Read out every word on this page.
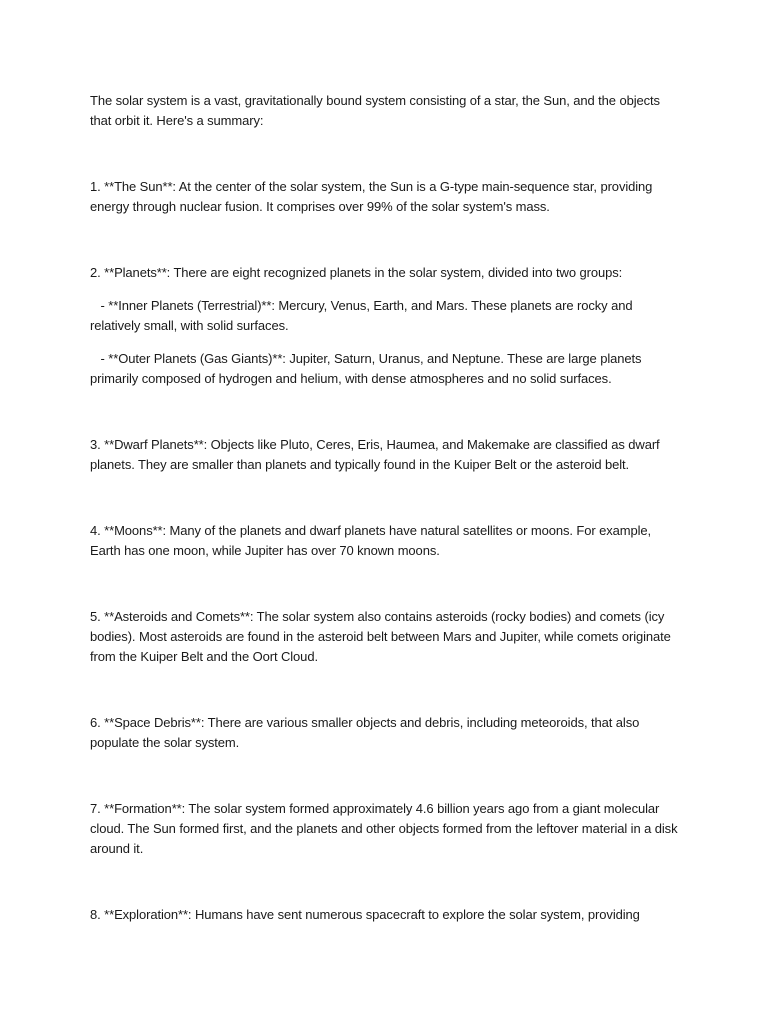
The solar system is a vast, gravitationally bound system consisting of a star, the Sun, and the objects that orbit it. Here's a summary:

1. **The Sun**: At the center of the solar system, the Sun is a G-type main-sequence star, providing energy through nuclear fusion. It comprises over 99% of the solar system's mass.

2. **Planets**: There are eight recognized planets in the solar system, divided into two groups:

- **Inner Planets (Terrestrial)**: Mercury, Venus, Earth, and Mars. These planets are rocky and relatively small, with solid surfaces.

- **Outer Planets (Gas Giants)**: Jupiter, Saturn, Uranus, and Neptune. These are large planets primarily composed of hydrogen and helium, with dense atmospheres and no solid surfaces.

3. **Dwarf Planets**: Objects like Pluto, Ceres, Eris, Haumea, and Makemake are classified as dwarf planets. They are smaller than planets and typically found in the Kuiper Belt or the asteroid belt.

4. **Moons**: Many of the planets and dwarf planets have natural satellites or moons. For example, Earth has one moon, while Jupiter has over 70 known moons.

5. **Asteroids and Comets**: The solar system also contains asteroids (rocky bodies) and comets (icy bodies). Most asteroids are found in the asteroid belt between Mars and Jupiter, while comets originate from the Kuiper Belt and the Oort Cloud.

6. **Space Debris**: There are various smaller objects and debris, including meteoroids, that also populate the solar system.

7. **Formation**: The solar system formed approximately 4.6 billion years ago from a giant molecular cloud. The Sun formed first, and the planets and other objects formed from the leftover material in a disk around it.

8. **Exploration**: Humans have sent numerous spacecraft to explore the solar system, providing
